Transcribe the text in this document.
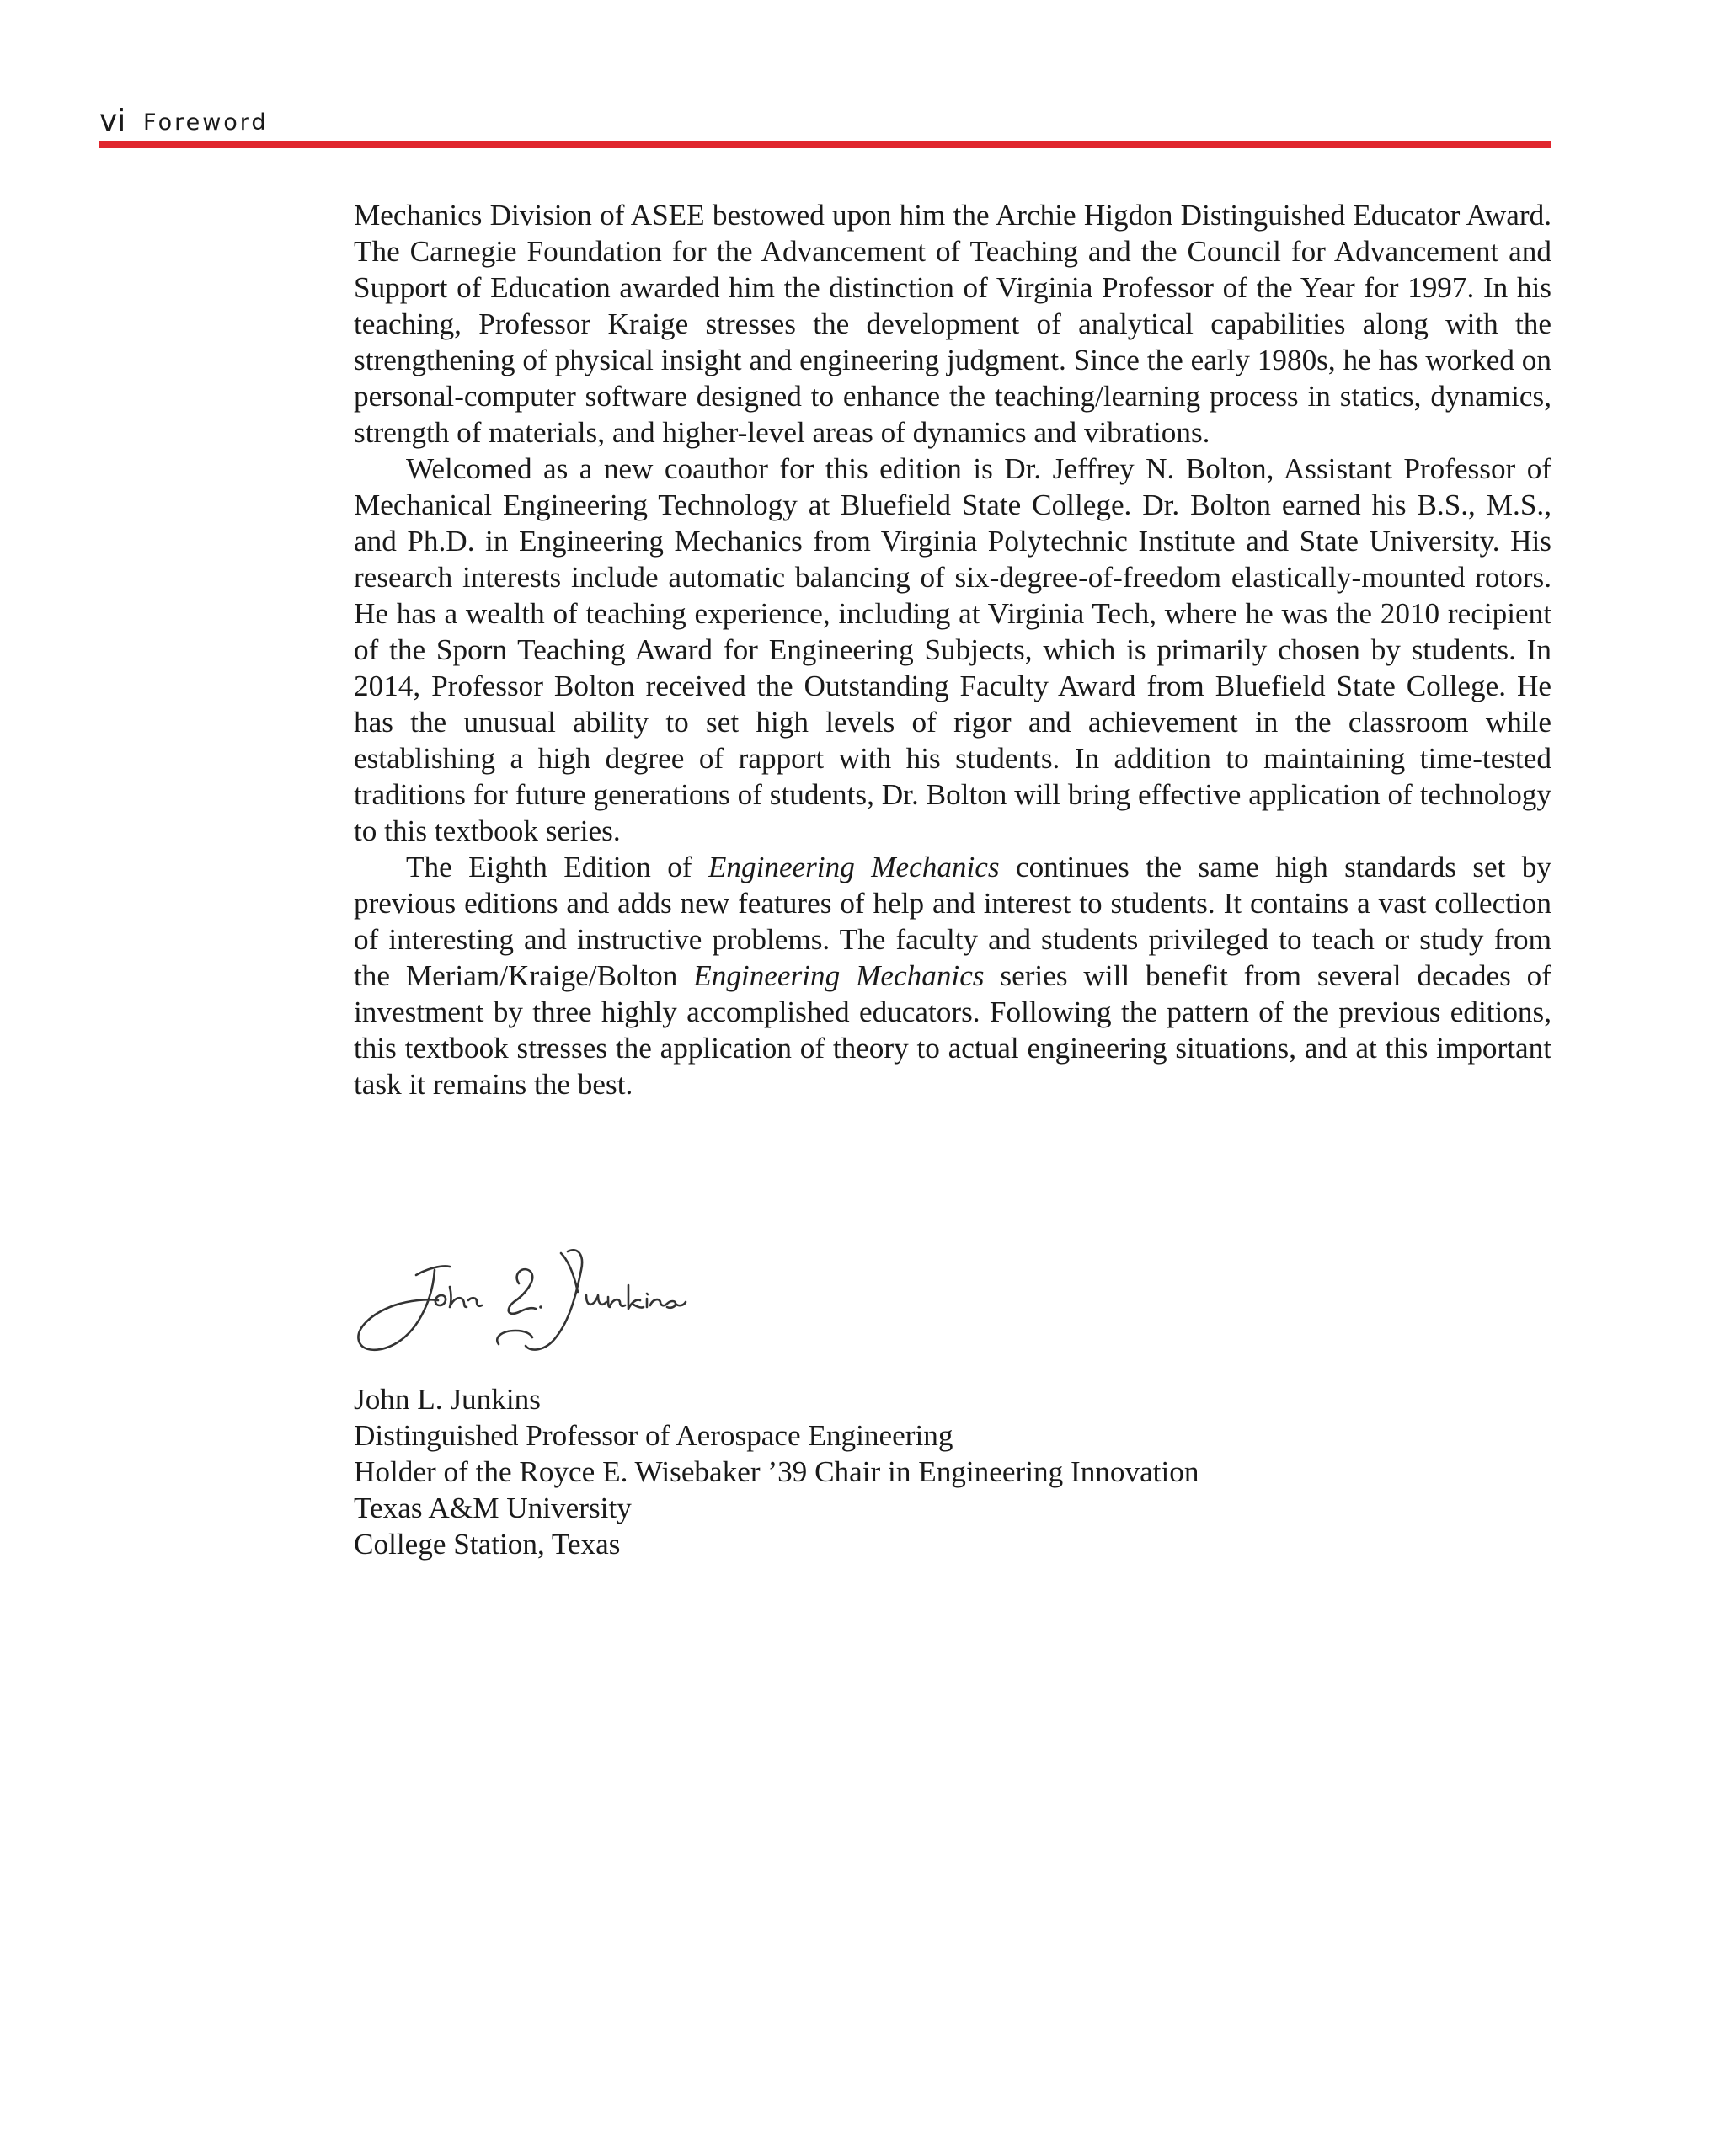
vi Foreword

Mechanics Division of ASEE bestowed upon him the Archie Higdon Distinguished Educator Award. The Carnegie Foundation for the Advancement of Teaching and the Council for Advancement and Support of Education awarded him the distinction of Virginia Professor of the Year for 1997. In his teaching, Professor Kraige stresses the development of analytical capabilities along with the strengthening of physical insight and engineering judgment. Since the early 1980s, he has worked on personal-computer software designed to enhance the teaching/learning process in statics, dynamics, strength of materials, and higher-level areas of dynamics and vibrations.

Welcomed as a new coauthor for this edition is Dr. Jeffrey N. Bolton, Assistant Professor of Mechanical Engineering Technology at Bluefield State College. Dr. Bolton earned his B.S., M.S., and Ph.D. in Engineering Mechanics from Virginia Polytechnic Institute and State University. His research interests include automatic balancing of six-degree-of-freedom elastically-mounted rotors. He has a wealth of teaching experience, including at Virginia Tech, where he was the 2010 recipient of the Sporn Teaching Award for Engineering Subjects, which is primarily chosen by students. In 2014, Professor Bolton received the Outstanding Faculty Award from Bluefield State College. He has the unusual ability to set high levels of rigor and achievement in the classroom while establishing a high degree of rapport with his students. In addition to maintaining time-tested traditions for future generations of students, Dr. Bolton will bring effective application of technology to this textbook series.

The Eighth Edition of Engineering Mechanics continues the same high standards set by previous editions and adds new features of help and interest to students. It contains a vast collection of interesting and instructive problems. The faculty and students privileged to teach or study from the Meriam/Kraige/Bolton Engineering Mechanics series will benefit from several decades of investment by three highly accomplished educators. Following the pattern of the previous editions, this textbook stresses the application of theory to actual engineering situations, and at this important task it remains the best.

John L. Junkins
Distinguished Professor of Aerospace Engineering
Holder of the Royce E. Wisebaker ’39 Chair in Engineering Innovation
Texas A&M University
College Station, Texas
